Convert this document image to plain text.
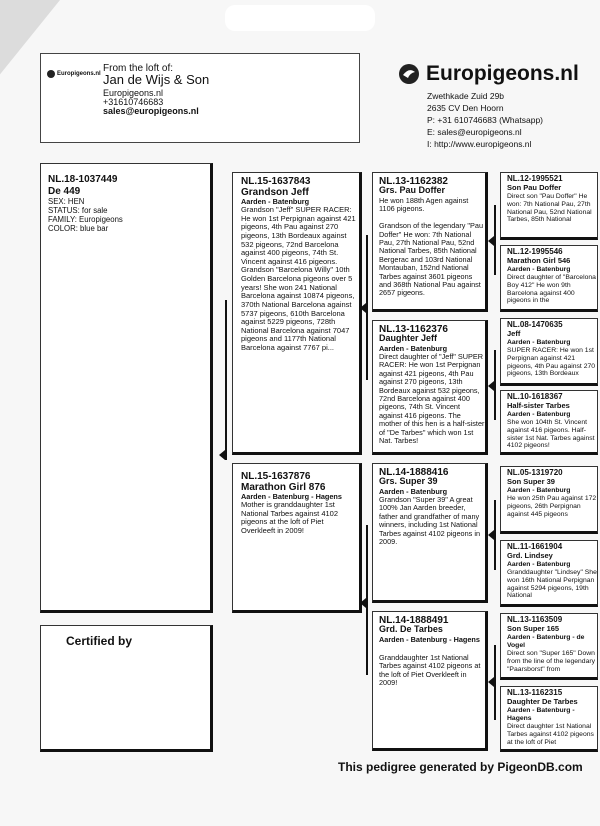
Europigeons.nl From the loft of:
Jan de Wijs & Son
Europigeons.nl
+31610746683
sales@europigeons.nl
Europigeons.nl
Zwethkade Zuid 29b
2635 CV Den Hoorn
P: +31 610746683 (Whatsapp)
E: sales@europigeons.nl
I: http://www.europigeons.nl
NL.18-1037449
De 449
SEX: HEN
STATUS: for sale
FAMILY: Europigeons
COLOR: blue bar
Certified by
NL.15-1637843
Grandson Jeff
Aarden - Batenburg
Grandson "Jeff" SUPER RACER: He won 1st Perpignan against 421 pigeons, 4th Pau against 270 pigeons, 13th Bordeaux against 532 pigeons, 72nd Barcelona against 400 pigeons, 74th St. Vincent against 416 pigeons. Grandson "Barcelona Willy" 10th Golden Barcelona pigeons over 5 years! She won 241 National Barcelona against 10874 pigeons, 370th National Barcelona against 5737 pigeons, 610th Barcelona against 5229 pigeons, 728th National Barcelona against 7047 pigeons and 1177th National Barcelona against 7767 pi...
NL.15-1637876
Marathon Girl 876
Aarden - Batenburg - Hagens
Mother is granddaughter 1st National Tarbes against 4102 pigeons at the loft of Piet Overkleeft in 2009!
NL.13-1162382
Grs. Pau Doffer
He won 188th Agen against 1106 pigeons.

Grandson of the legendary "Pau Doffer" He won: 7th National Pau, 27th National Pau, 52nd National Tarbes, 85th National Bergerac and 103rd National Montauban, 152nd National Tarbes against 3601 pigeons and 368th National Pau against 2657 pigeons.
NL.13-1162376
Daughter Jeff
Aarden - Batenburg
Direct daughter of "Jeff" SUPER RACER: He won 1st Perpignan against 421 pigeons, 4th Pau against 270 pigeons, 13th Bordeaux against 532 pigeons, 72nd Barcelona against 400 pigeons, 74th St. Vincent against 416 pigeons. The mother of this hen is a half-sister of "De Tarbes" which won 1st Nat. Tarbes!
NL.14-1888416
Grs. Super 39
Aarden - Batenburg
Grandson "Super 39" A great 100% Jan Aarden breeder, father and grandfather of many winners, including 1st National Tarbes against 4102 pigeons in 2009.
NL.14-1888491
Grd. De Tarbes
Aarden - Batenburg - Hagens
Granddaughter 1st National Tarbes against 4102 pigeons at the loft of Piet Overkleeft in 2009!
NL.12-1995521
Son Pau Doffer
Direct son "Pau Doffer" He won: 7th National Pau, 27th National Pau, 52nd National Tarbes, 85th National
NL.12-1995546
Marathon Girl 546
Aarden - Batenburg
Direct daughter of "Barcelona Boy 412" He won 9th Barcelona against 400 pigeons in the
NL.08-1470635
Jeff
Aarden - Batenburg
SUPER RACER: He won 1st Perpignan against 421 pigeons, 4th Pau against 270 pigeons, 13th Bordeaux
NL.10-1618367
Half-sister Tarbes
Aarden - Batenburg
She won 104th St. Vincent against 416 pigeons. Half-sister 1st Nat. Tarbes against 4102 pigeons!
NL.05-1319720
Son Super 39
Aarden - Batenburg
He won 25th Pau against 172 pigeons, 26th Perpignan against 445 pigeons
NL.11-1661904
Grd. Lindsey
Aarden - Batenburg
Granddaughter "Lindsey" She won 16th National Perpignan against 5294 pigeons, 19th National
NL.13-1163509
Son Super 165
Aarden - Batenburg - de Vogel
Direct son "Super 165" Down from the line of the legendary "Paarsborst" from
NL.13-1162315
Daughter De Tarbes
Aarden - Batenburg - Hagens
Direct daughter 1st National Tarbes against 4102 pigeons at the loft of Piet
This pedigree generated by PigeonDB.com
